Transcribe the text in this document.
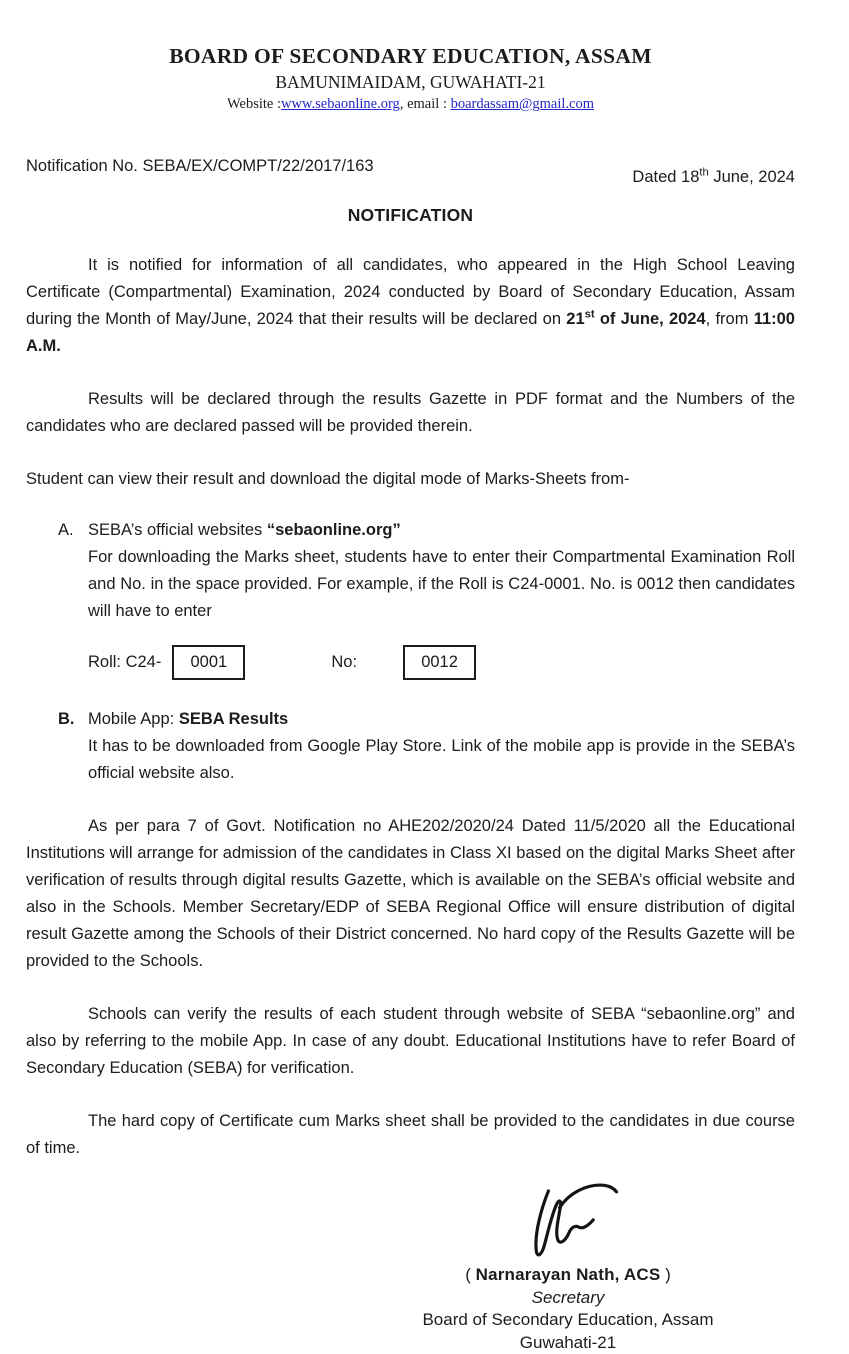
BOARD OF SECONDARY EDUCATION, ASSAM
BAMUNIMAIDAM, GUWAHATI-21
Website :www.sebaonline.org, email : boardassam@gmail.com
Notification No. SEBA/EX/COMPT/22/2017/163
Dated 18th June, 2024
NOTIFICATION

It is notified for information of all candidates, who appeared in the High School Leaving Certificate (Compartmental) Examination, 2024 conducted by Board of Secondary Education, Assam during the Month of May/June, 2024 that their results will be declared on 21st of June, 2024, from 11:00 A.M.

Results will be declared through the results Gazette in PDF format and the Numbers of the candidates who are declared passed will be provided therein.

Student can view their result and download the digital mode of Marks-Sheets from-

A. SEBA’s official websites “sebaonline.org”
For downloading the Marks sheet, students have to enter their Compartmental Examination Roll and No. in the space provided. For example, if the Roll is C24-0001. No. is 0012 then candidates will have to enter
Roll: C24- 0001	No:	0012
B. Mobile App: SEBA Results
It has to be downloaded from Google Play Store. Link of the mobile app is provide in the SEBA’s official website also.

As per para 7 of Govt. Notification no AHE202/2020/24 Dated 11/5/2020 all the Educational Institutions will arrange for admission of the candidates in Class XI based on the digital Marks Sheet after verification of results through digital results Gazette, which is available on the SEBA’s official website and also in the Schools. Member Secretary/EDP of SEBA Regional Office will ensure distribution of digital result Gazette among the Schools of their District concerned. No hard copy of the Results Gazette will be provided to the Schools.

Schools can verify the results of each student through website of SEBA “sebaonline.org” and also by referring to the mobile App. In case of any doubt. Educational Institutions have to refer Board of Secondary Education (SEBA) for verification.

The hard copy of Certificate cum Marks sheet shall be provided to the candidates in due course of time.

( Narnarayan Nath, ACS )
Secretary
Board of Secondary Education, Assam
Guwahati-21
